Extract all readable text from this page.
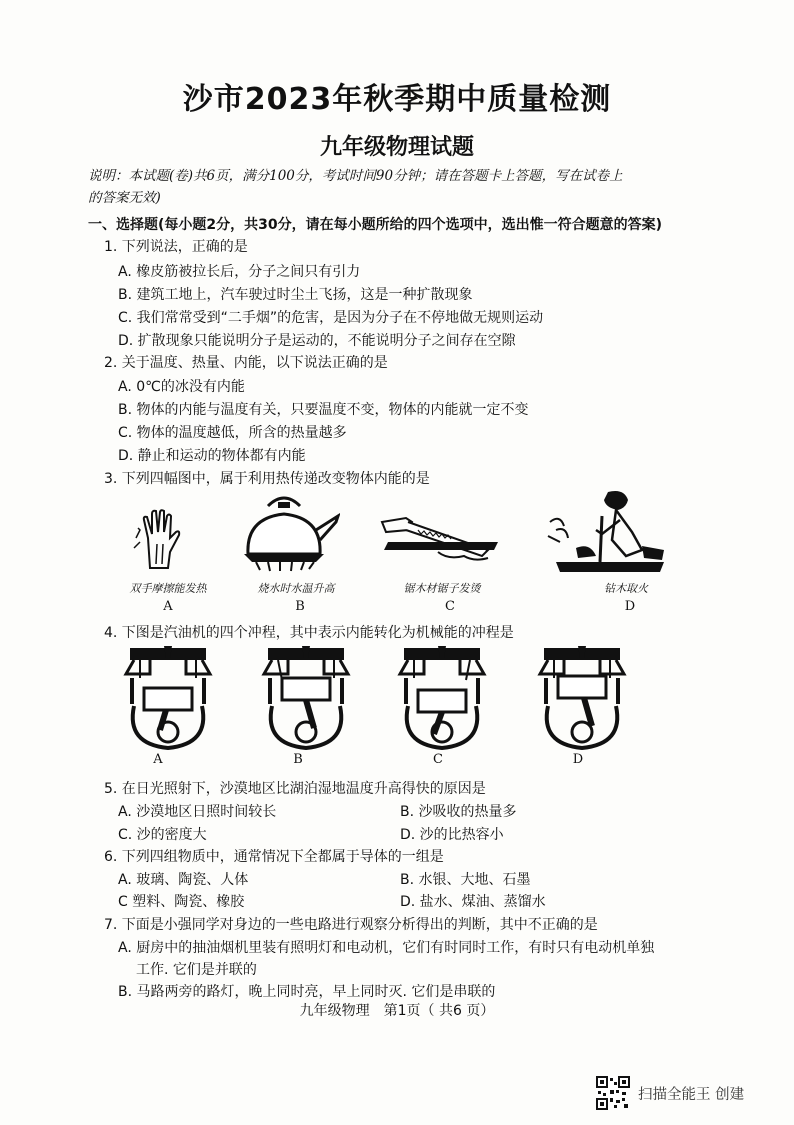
沙市2023年秋季期中质量检测
九年级物理试题
说明：本试题(卷)共6页，满分100分，考试时间90分钟；请在答题卡上答题，写在试卷上
的答案无效)
一、选择题(每小题2分，共30分，请在每小题所给的四个选项中，选出惟一符合题意的答案)
1. 下列说法，正确的是
A. 橡皮筋被拉长后，分子之间只有引力
B. 建筑工地上，汽车驶过时尘土飞扬，这是一种扩散现象
C. 我们常常受到“二手烟”的危害，是因为分子在不停地做无规则运动
D. 扩散现象只能说明分子是运动的，不能说明分子之间存在空隙
2. 关于温度、热量、内能，以下说法正确的是
A. 0℃的冰没有内能
B. 物体的内能与温度有关，只要温度不变，物体的内能就一定不变
C. 物体的温度越低，所含的热量越多
D. 静止和运动的物体都有内能
3. 下列四幅图中，属于利用热传递改变物体内能的是
双手摩擦能发热	烧水时水温升高	锯木材锯子发烫	钻木取火
A	B	C	D
4. 下图是汽油机的四个冲程，其中表示内能转化为机械能的冲程是
A	B	C	D
5. 在日光照射下，沙漠地区比湖泊湿地温度升高得快的原因是
A. 沙漠地区日照时间较长	B. 沙吸收的热量多
C. 沙的密度大	D. 沙的比热容小
6. 下列四组物质中，通常情况下全都属于导体的一组是
A. 玻璃、陶瓷、人体	B. 水银、大地、石墨
C 塑料、陶瓷、橡胶	D. 盐水、煤油、蒸馏水
7. 下面是小强同学对身边的一些电路进行观察分析得出的判断，其中不正确的是
A. 厨房中的抽油烟机里装有照明灯和电动机，它们有时同时工作，有时只有电动机单独
工作. 它们是并联的
B. 马路两旁的路灯，晚上同时亮，早上同时灭. 它们是串联的
九年级物理　第1页（ 共6 页）
扫描全能王 创建
